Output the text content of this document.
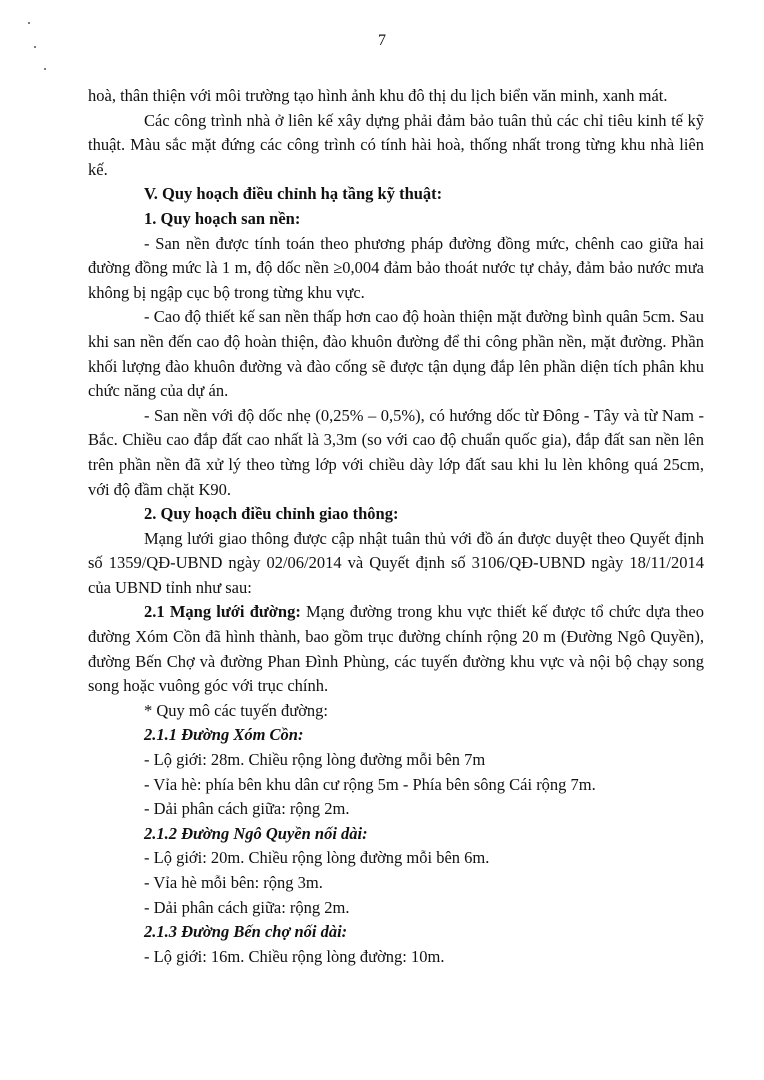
7

hoà, thân thiện với môi trường tạo hình ảnh khu đô thị du lịch biển văn minh, xanh mát.

Các công trình nhà ở liên kế xây dựng phải đảm bảo tuân thủ các chỉ tiêu kinh tế kỹ thuật. Màu sắc mặt đứng các công trình có tính hài hoà, thống nhất trong từng khu nhà liên kế.

V. Quy hoạch điều chỉnh hạ tầng kỹ thuật:

1. Quy hoạch san nền:

- San nền được tính toán theo phương pháp đường đồng mức, chênh cao giữa hai đường đồng mức là 1 m, độ dốc nền ≥0,004 đảm bảo thoát nước tự chảy, đảm bảo nước mưa không bị ngập cục bộ trong từng khu vực.

- Cao độ thiết kế san nền thấp hơn cao độ hoàn thiện mặt đường bình quân 5cm. Sau khi san nền đến cao độ hoàn thiện, đào khuôn đường để thi công phần nền, mặt đường. Phần khối lượng đào khuôn đường và đào cống sẽ được tận dụng đắp lên phần diện tích phân khu chức năng của dự án.

- San nền với độ dốc nhẹ (0,25% – 0,5%), có hướng dốc từ Đông - Tây và từ Nam - Bắc. Chiều cao đắp đất cao nhất là 3,3m (so với cao độ chuẩn quốc gia), đắp đất san nền lên trên phần nền đã xử lý theo từng lớp với chiều dày lớp đất sau khi lu lèn không quá 25cm, với độ đầm chặt K90.

2. Quy hoạch điều chỉnh giao thông:

Mạng lưới giao thông được cập nhật tuân thủ với đồ án được duyệt theo Quyết định số 1359/QĐ-UBND ngày 02/06/2014 và Quyết định số 3106/QĐ-UBND ngày 18/11/2014 của UBND tỉnh như sau:

2.1 Mạng lưới đường: Mạng đường trong khu vực thiết kế được tổ chức dựa theo đường Xóm Cồn đã hình thành, bao gồm trục đường chính rộng 20 m (Đường Ngô Quyền), đường Bến Chợ và đường Phan Đình Phùng, các tuyến đường khu vực và nội bộ chạy song song hoặc vuông góc với trục chính.

* Quy mô các tuyến đường:

2.1.1 Đường Xóm Cồn:

- Lộ giới: 28m. Chiều rộng lòng đường mỗi bên 7m

- Vỉa hè: phía bên khu dân cư rộng 5m - Phía bên sông Cái rộng 7m.

- Dải phân cách giữa: rộng 2m.

2.1.2 Đường Ngô Quyền nối dài:

- Lộ giới: 20m. Chiều rộng lòng đường mỗi bên 6m.

- Vỉa hè mỗi bên: rộng 3m.

- Dải phân cách giữa: rộng 2m.

2.1.3 Đường Bến chợ nối dài:

- Lộ giới: 16m. Chiều rộng lòng đường: 10m.
